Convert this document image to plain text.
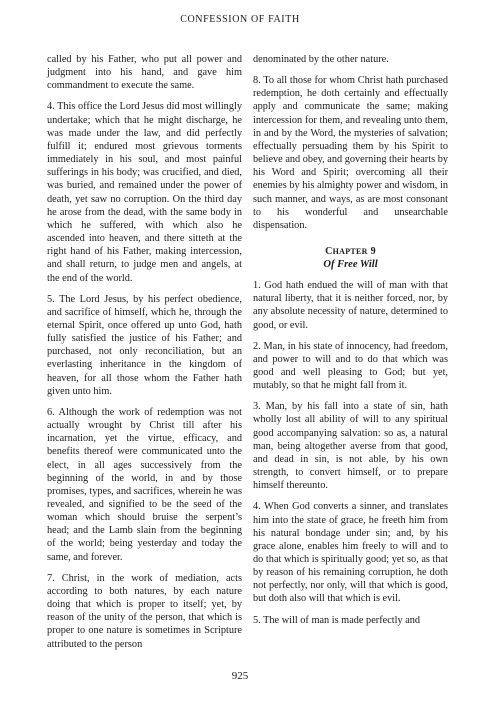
CONFESSION OF FAITH

called by his Father, who put all power and judgment into his hand, and gave him commandment to execute the same.

4. This office the Lord Jesus did most willingly undertake; which that he might discharge, he was made under the law, and did perfectly fulfill it; endured most grievous torments immediately in his soul, and most painful sufferings in his body; was crucified, and died, was buried, and remained under the power of death, yet saw no corruption. On the third day he arose from the dead, with the same body in which he suffered, with which also he ascended into heaven, and there sitteth at the right hand of his Father, making intercession, and shall return, to judge men and angels, at the end of the world.

5. The Lord Jesus, by his perfect obedience, and sacrifice of himself, which he, through the eternal Spirit, once offered up unto God, hath fully satisfied the justice of his Father; and purchased, not only reconciliation, but an everlasting inheritance in the kingdom of heaven, for all those whom the Father hath given unto him.

6. Although the work of redemption was not actually wrought by Christ till after his incarnation, yet the virtue, efficacy, and benefits thereof were communicated unto the elect, in all ages successively from the beginning of the world, in and by those promises, types, and sacrifices, wherein he was revealed, and signified to be the seed of the woman which should bruise the serpent’s head; and the Lamb slain from the beginning of the world; being yesterday and today the same, and forever.

7. Christ, in the work of mediation, acts according to both natures, by each nature doing that which is proper to itself; yet, by reason of the unity of the person, that which is proper to one nature is sometimes in Scripture attributed to the person

denominated by the other nature.

8. To all those for whom Christ hath purchased redemption, he doth certainly and effectually apply and communicate the same; making intercession for them, and revealing unto them, in and by the Word, the mysteries of salvation; effectually persuading them by his Spirit to believe and obey, and governing their hearts by his Word and Spirit; overcoming all their enemies by his almighty power and wisdom, in such manner, and ways, as are most consonant to his wonderful and unsearchable dispensation.

CHAPTER 9
Of Free Will

1. God hath endued the will of man with that natural liberty, that it is neither forced, nor, by any absolute necessity of nature, determined to good, or evil.

2. Man, in his state of innocency, had freedom, and power to will and to do that which was good and well pleasing to God; but yet, mutably, so that he might fall from it.

3. Man, by his fall into a state of sin, hath wholly lost all ability of will to any spiritual good accompanying salvation: so as, a natural man, being altogether averse from that good, and dead in sin, is not able, by his own strength, to convert himself, or to prepare himself thereunto.

4. When God converts a sinner, and translates him into the state of grace, he freeth him from his natural bondage under sin; and, by his grace alone, enables him freely to will and to do that which is spiritually good; yet so, as that by reason of his remaining corruption, he doth not perfectly, nor only, will that which is good, but doth also will that which is evil.

5. The will of man is made perfectly and

925
